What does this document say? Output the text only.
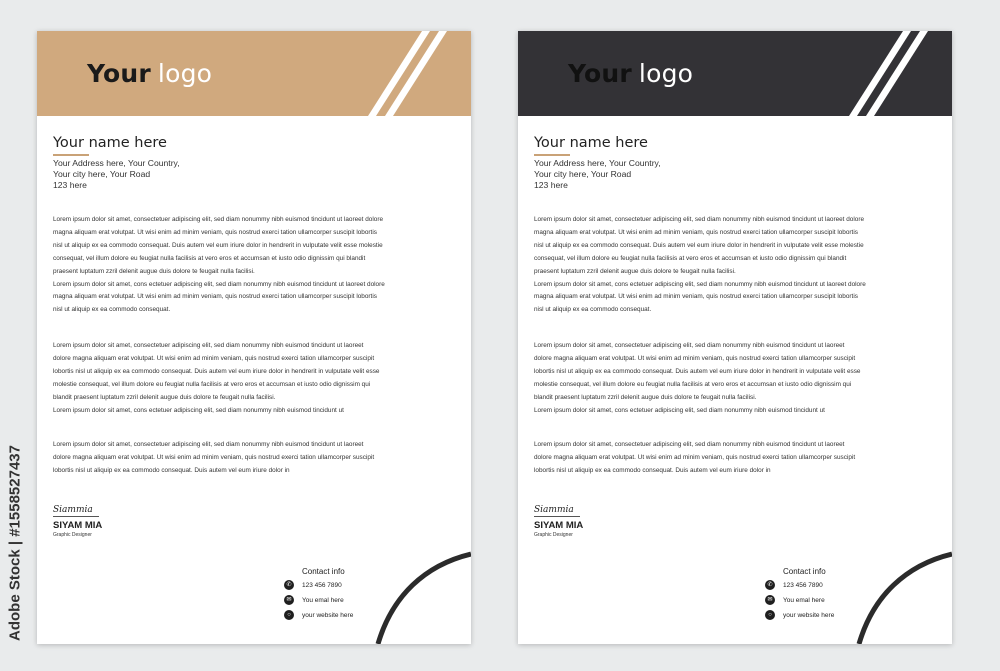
Adobe Stock | #1558527437
Your logo
Your name here
Your Address here, Your Country,
Your city here, Your Road
123 here
Lorem ipsum dolor sit amet, consectetuer adipiscing elit, sed diam nonummy nibh euismod tincidunt ut laoreet dolore
magna aliquam erat volutpat. Ut wisi enim ad minim veniam, quis nostrud exerci tation ullamcorper suscipit lobortis
nisl ut aliquip ex ea commodo consequat. Duis autem vel eum iriure dolor in hendrerit in vulputate velit esse molestie
consequat, vel illum dolore eu feugiat nulla facilisis at vero eros et accumsan et iusto odio dignissim qui blandit
praesent luptatum zzril delenit augue duis dolore te feugait nulla facilisi.
Lorem ipsum dolor sit amet, cons ectetuer adipiscing elit, sed diam nonummy nibh euismod tincidunt ut laoreet dolore
magna aliquam erat volutpat. Ut wisi enim ad minim veniam, quis nostrud exerci tation ullamcorper suscipit lobortis
nisl ut aliquip ex ea commodo consequat.
Lorem ipsum dolor sit amet, consectetuer adipiscing elit, sed diam nonummy nibh euismod tincidunt ut laoreet
dolore magna aliquam erat volutpat. Ut wisi enim ad minim veniam, quis nostrud exerci tation ullamcorper suscipit
lobortis nisl ut aliquip ex ea commodo consequat. Duis autem vel eum iriure dolor in hendrerit in vulputate velit esse
molestie consequat, vel illum dolore eu feugiat nulla facilisis at vero eros et accumsan et iusto odio dignissim qui
blandit praesent luptatum zzril delenit augue duis dolore te feugait nulla facilisi.
Lorem ipsum dolor sit amet, cons ectetuer adipiscing elit, sed diam nonummy nibh euismod tincidunt ut
Lorem ipsum dolor sit amet, consectetuer adipiscing elit, sed diam nonummy nibh euismod tincidunt ut laoreet
dolore magna aliquam erat volutpat. Ut wisi enim ad minim veniam, quis nostrud exerci tation ullamcorper suscipit
lobortis nisl ut aliquip ex ea commodo consequat. Duis autem vel eum iriure dolor in
Siammia
SIYAM MIA
Graphic Designer
Contact info
✆	123 456 7890
✉	You emal here
○	your website here
Your logo
Your name here
Your Address here, Your Country,
Your city here, Your Road
123 here
Lorem ipsum dolor sit amet, consectetuer adipiscing elit, sed diam nonummy nibh euismod tincidunt ut laoreet dolore
magna aliquam erat volutpat. Ut wisi enim ad minim veniam, quis nostrud exerci tation ullamcorper suscipit lobortis
nisl ut aliquip ex ea commodo consequat. Duis autem vel eum iriure dolor in hendrerit in vulputate velit esse molestie
consequat, vel illum dolore eu feugiat nulla facilisis at vero eros et accumsan et iusto odio dignissim qui blandit
praesent luptatum zzril delenit augue duis dolore te feugait nulla facilisi.
Lorem ipsum dolor sit amet, cons ectetuer adipiscing elit, sed diam nonummy nibh euismod tincidunt ut laoreet dolore
magna aliquam erat volutpat. Ut wisi enim ad minim veniam, quis nostrud exerci tation ullamcorper suscipit lobortis
nisl ut aliquip ex ea commodo consequat.
Lorem ipsum dolor sit amet, consectetuer adipiscing elit, sed diam nonummy nibh euismod tincidunt ut laoreet
dolore magna aliquam erat volutpat. Ut wisi enim ad minim veniam, quis nostrud exerci tation ullamcorper suscipit
lobortis nisl ut aliquip ex ea commodo consequat. Duis autem vel eum iriure dolor in hendrerit in vulputate velit esse
molestie consequat, vel illum dolore eu feugiat nulla facilisis at vero eros et accumsan et iusto odio dignissim qui
blandit praesent luptatum zzril delenit augue duis dolore te feugait nulla facilisi.
Lorem ipsum dolor sit amet, cons ectetuer adipiscing elit, sed diam nonummy nibh euismod tincidunt ut
Lorem ipsum dolor sit amet, consectetuer adipiscing elit, sed diam nonummy nibh euismod tincidunt ut laoreet
dolore magna aliquam erat volutpat. Ut wisi enim ad minim veniam, quis nostrud exerci tation ullamcorper suscipit
lobortis nisl ut aliquip ex ea commodo consequat. Duis autem vel eum iriure dolor in
Siammia
SIYAM MIA
Graphic Designer
Contact info
✆	123 456 7890
✉	You emal here
○	your website here
